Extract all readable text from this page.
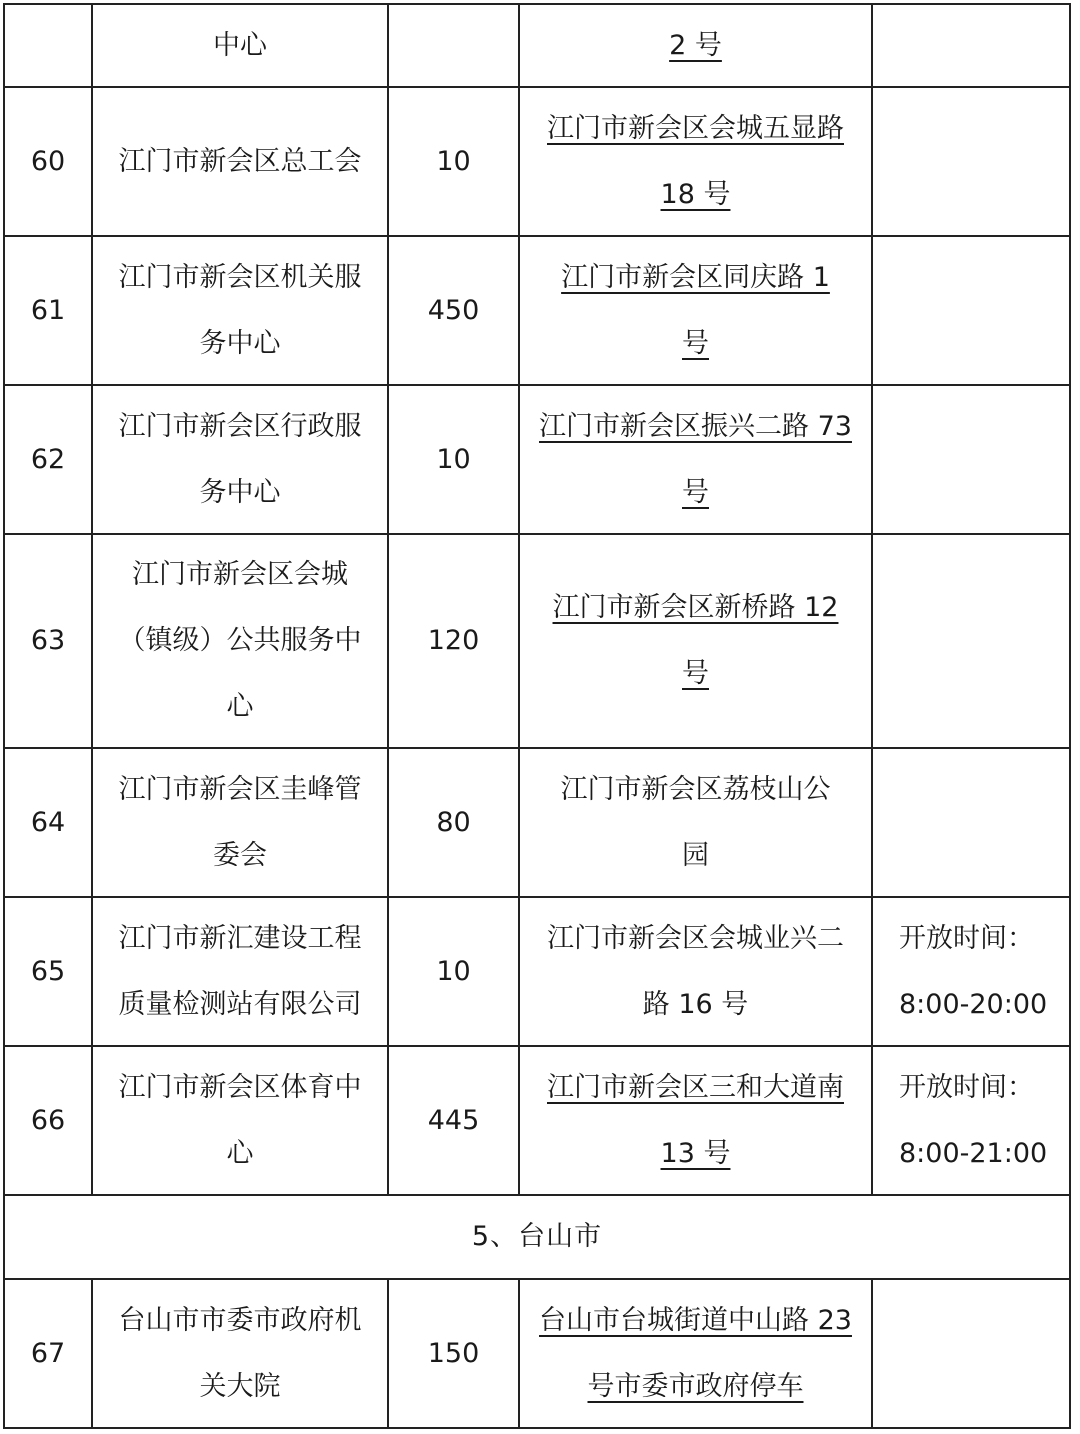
	中心		2 号	
60	江门市新会区总工会	10	江门市新会区会城五显路
18 号	

61	江门市新会区机关服
务中心	450	江门市新会区同庆路 1
号	

62	江门市新会区行政服
务中心	10	江门市新会区振兴二路 73
号	

63	江门市新会区会城
（镇级）公共服务中
心	120	江门市新会区新桥路 12
号	

64	江门市新会区圭峰管
委会	80	江门市新会区荔枝山公
园	

65	江门市新汇建设工程
质量检测站有限公司	10	江门市新会区会城业兴二
路 16 号	开放时间：
8:00-20:00

66	江门市新会区体育中
心	445	江门市新会区三和大道南
13 号	开放时间：
8:00-21:00

5、台山市				
67	台山市市委市政府机
关大院	150	台山市台城街道中山路 23
号市委市政府停车	
